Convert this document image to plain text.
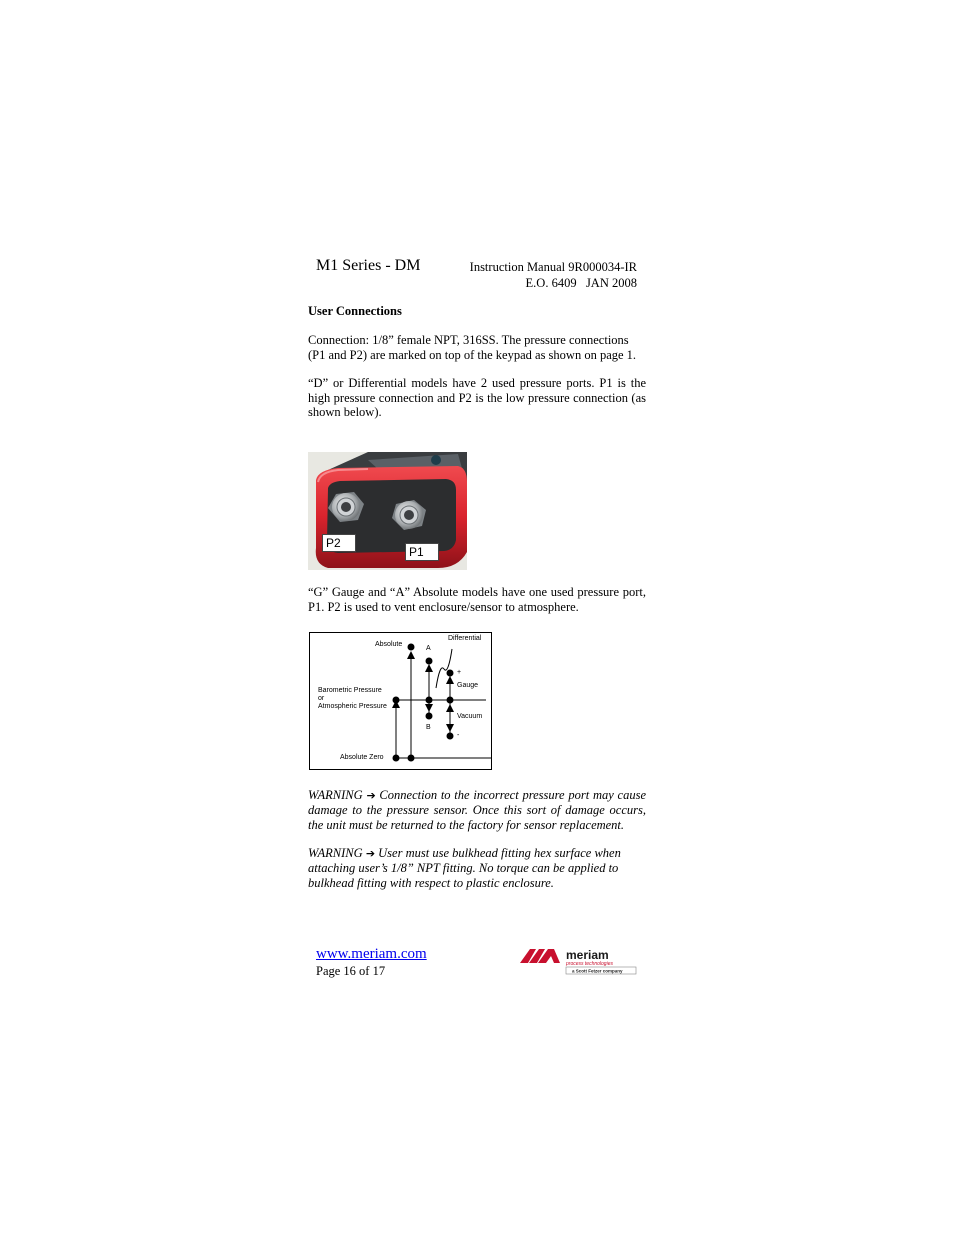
M1 Series - DM	Instruction Manual 9R000034-IR
E.O. 6409   JAN 2008
User Connections
Connection: 1/8” female NPT, 316SS. The pressure connections (P1 and P2) are marked on top of the keypad as shown on page 1.
“D” or Differential models have 2 used pressure ports. P1 is the high pressure connection and P2 is the low pressure connection (as shown below).
P2
P1
“G” Gauge and “A” Absolute models have one used pressure port, P1. P2 is used to vent enclosure/sensor to atmosphere.
Absolute
A
Differential
+
Gauge
Barometric Pressure
or
Atmospheric Pressure
Vacuum
B
-
Absolute Zero
WARNING ➔ Connection to the incorrect pressure port may cause damage to the pressure sensor. Once this sort of damage occurs, the unit must be returned to the factory for sensor replacement.
WARNING ➔ User must use bulkhead fitting hex surface when attaching user’s 1/8” NPT fitting. No torque can be applied to bulkhead fitting with respect to plastic enclosure.
www.meriam.com
Page 16 of 17
meriam
process technologies
a Scott Fetzer company
